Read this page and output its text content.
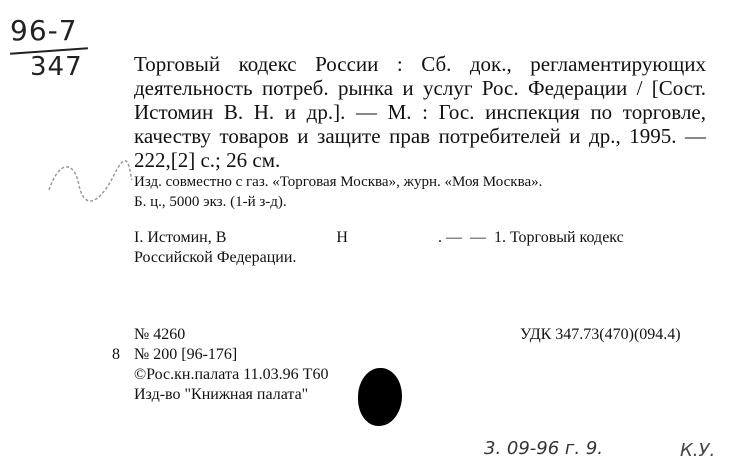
96-7
347 Торговый кодекс России : Сб. док., регламентирующих деятельность потреб. рынка и услуг Рос. Федерации / [Сост. Истомин В. Н. и др.]. — М. : Гос. инспекция по торговле, качеству товаров и защите прав потребителей и др., 1995. — 222,[2] с.; 26 см.
Изд. совместно с газ. «Торговая Москва», журн. «Моя Москва».
Б. ц., 5000 экз. (1-й з-д).
I. Истомин, В	Н	. — — 1. Торговый кодекс
Российской Федерации.
№ 4260	УДК 347.73(470)(094.4)
8 № 200 [96-176]
©Рос.кн.палата 11.03.96 Т60
Изд-во "Книжная палата"
3. 09-96 г. 9.	К.У.
